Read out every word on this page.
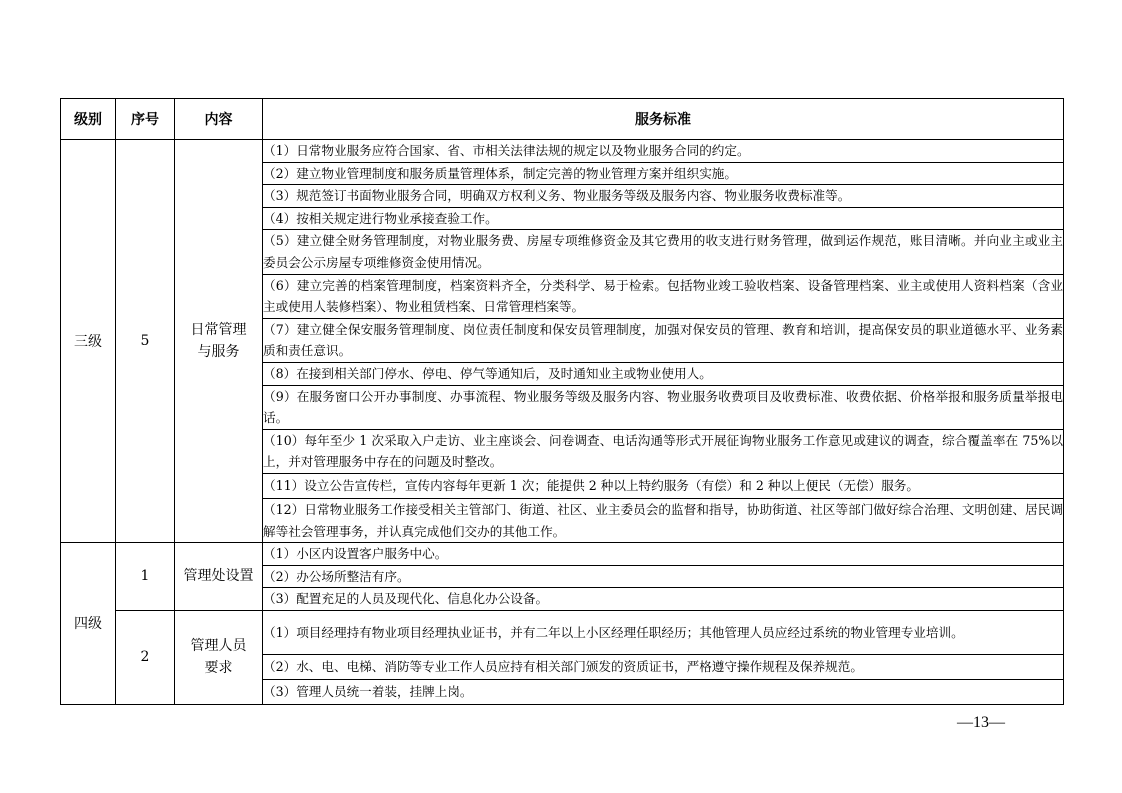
级别	序号	内容	服务标准
三级	5	日常管理与服务	（1）日常物业服务应符合国家、省、市相关法律法规的规定以及物业服务合同的约定。
			（2）建立物业管理制度和服务质量管理体系，制定完善的物业管理方案并组织实施。
			（3）规范签订书面物业服务合同，明确双方权利义务、物业服务等级及服务内容、物业服务收费标准等。
			（4）按相关规定进行物业承接查验工作。
			（5）建立健全财务管理制度，对物业服务费、房屋专项维修资金及其它费用的收支进行财务管理，做到运作规范，账目清晰。并向业主或业主委员会公示房屋专项维修资金使用情况。
			（6）建立完善的档案管理制度，档案资料齐全，分类科学、易于检索。包括物业竣工验收档案、设备管理档案、业主或使用人资料档案（含业主或使用人装修档案）、物业租赁档案、日常管理档案等。
			（7）建立健全保安服务管理制度、岗位责任制度和保安员管理制度，加强对保安员的管理、教育和培训，提高保安员的职业道德水平、业务素质和责任意识。
			（8）在接到相关部门停水、停电、停气等通知后，及时通知业主或物业使用人。
			（9）在服务窗口公开办事制度、办事流程、物业服务等级及服务内容、物业服务收费项目及收费标准、收费依据、价格举报和服务质量举报电话。
			（10）每年至少 1 次采取入户走访、业主座谈会、问卷调查、电话沟通等形式开展征询物业服务工作意见或建议的调查，综合覆盖率在 75%以上，并对管理服务中存在的问题及时整改。
			（11）设立公告宣传栏，宣传内容每年更新 1 次；能提供 2 种以上特约服务（有偿）和 2 种以上便民（无偿）服务。
			（12）日常物业服务工作接受相关主管部门、街道、社区、业主委员会的监督和指导，协助街道、社区等部门做好综合治理、文明创建、居民调解等社会管理事务，并认真完成他们交办的其他工作。
四级	1	管理处设置	（1）小区内设置客户服务中心。
			（2）办公场所整洁有序。
			（3）配置充足的人员及现代化、信息化办公设备。
	2	管理人员要求	（1）项目经理持有物业项目经理执业证书，并有二年以上小区经理任职经历；其他管理人员应经过系统的物业管理专业培训。
			（2）水、电、电梯、消防等专业工作人员应持有相关部门颁发的资质证书，严格遵守操作规程及保养规范。
			（3）管理人员统一着装，挂牌上岗。
—13—
